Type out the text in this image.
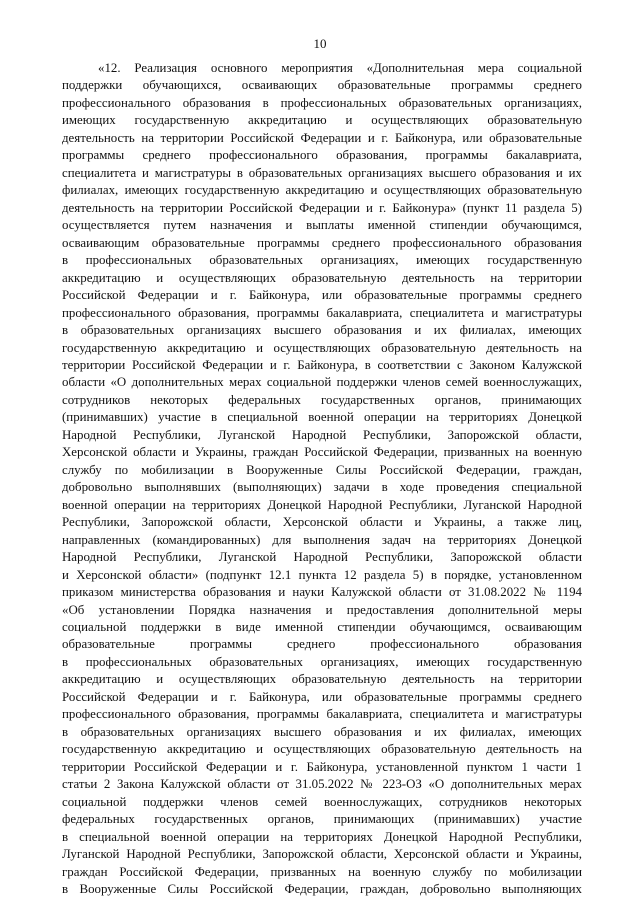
10
«12. Реализация основного мероприятия «Дополнительная мера социальной
поддержки обучающихся, осваивающих образовательные программы среднего
профессионального образования в профессиональных образовательных организациях,
имеющих государственную аккредитацию и осуществляющих образовательную
деятельность на территории Российской Федерации и г. Байконура, или образовательные
программы среднего профессионального образования, программы бакалавриата,
специалитета и магистратуры в образовательных организациях высшего образования и их
филиалах, имеющих государственную аккредитацию и осуществляющих образовательную
деятельность на территории Российской Федерации и г. Байконура» (пункт 11 раздела 5)
осуществляется путем назначения и выплаты именной стипендии обучающимся,
осваивающим образовательные программы среднего профессионального образования
в профессиональных образовательных организациях, имеющих государственную
аккредитацию и осуществляющих образовательную деятельность на территории
Российской Федерации и г. Байконура, или образовательные программы среднего
профессионального образования, программы бакалавриата, специалитета и магистратуры
в образовательных организациях высшего образования и их филиалах, имеющих
государственную аккредитацию и осуществляющих образовательную деятельность на
территории Российской Федерации и г. Байконура, в соответствии с Законом Калужской
области «О дополнительных мерах социальной поддержки членов семей военнослужащих,
сотрудников некоторых федеральных государственных органов, принимающих
(принимавших) участие в специальной военной операции на территориях Донецкой
Народной Республики, Луганской Народной Республики, Запорожской области,
Херсонской области и Украины, граждан Российской Федерации, призванных на военную
службу по мобилизации в Вооруженные Силы Российской Федерации, граждан,
добровольно выполнявших (выполняющих) задачи в ходе проведения специальной
военной операции на территориях Донецкой Народной Республики, Луганской Народной
Республики, Запорожской области, Херсонской области и Украины, а также лиц,
направленных (командированных) для выполнения задач на территориях Донецкой
Народной Республики, Луганской Народной Республики, Запорожской области
и Херсонской области» (подпункт 12.1 пункта 12 раздела 5) в порядке, установленном
приказом министерства образования и науки Калужской области от 31.08.2022 № 1194
«Об установлении Порядка назначения и предоставления дополнительной меры
социальной поддержки в виде именной стипендии обучающимся, осваивающим
образовательные программы среднего профессионального образования
в профессиональных образовательных организациях, имеющих государственную
аккредитацию и осуществляющих образовательную деятельность на территории
Российской Федерации и г. Байконура, или образовательные программы среднего
профессионального образования, программы бакалавриата, специалитета и магистратуры
в образовательных организациях высшего образования и их филиалах, имеющих
государственную аккредитацию и осуществляющих образовательную деятельность на
территории Российской Федерации и г. Байконура, установленной пунктом 1 части 1
статьи 2 Закона Калужской области от 31.05.2022 № 223-ОЗ «О дополнительных мерах
социальной поддержки членов семей военнослужащих, сотрудников некоторых
федеральных государственных органов, принимающих (принимавших) участие
в специальной военной операции на территориях Донецкой Народной Республики,
Луганской Народной Республики, Запорожской области, Херсонской области и Украины,
граждан Российской Федерации, призванных на военную службу по мобилизации
в Вооруженные Силы Российской Федерации, граждан, добровольно выполняющих
